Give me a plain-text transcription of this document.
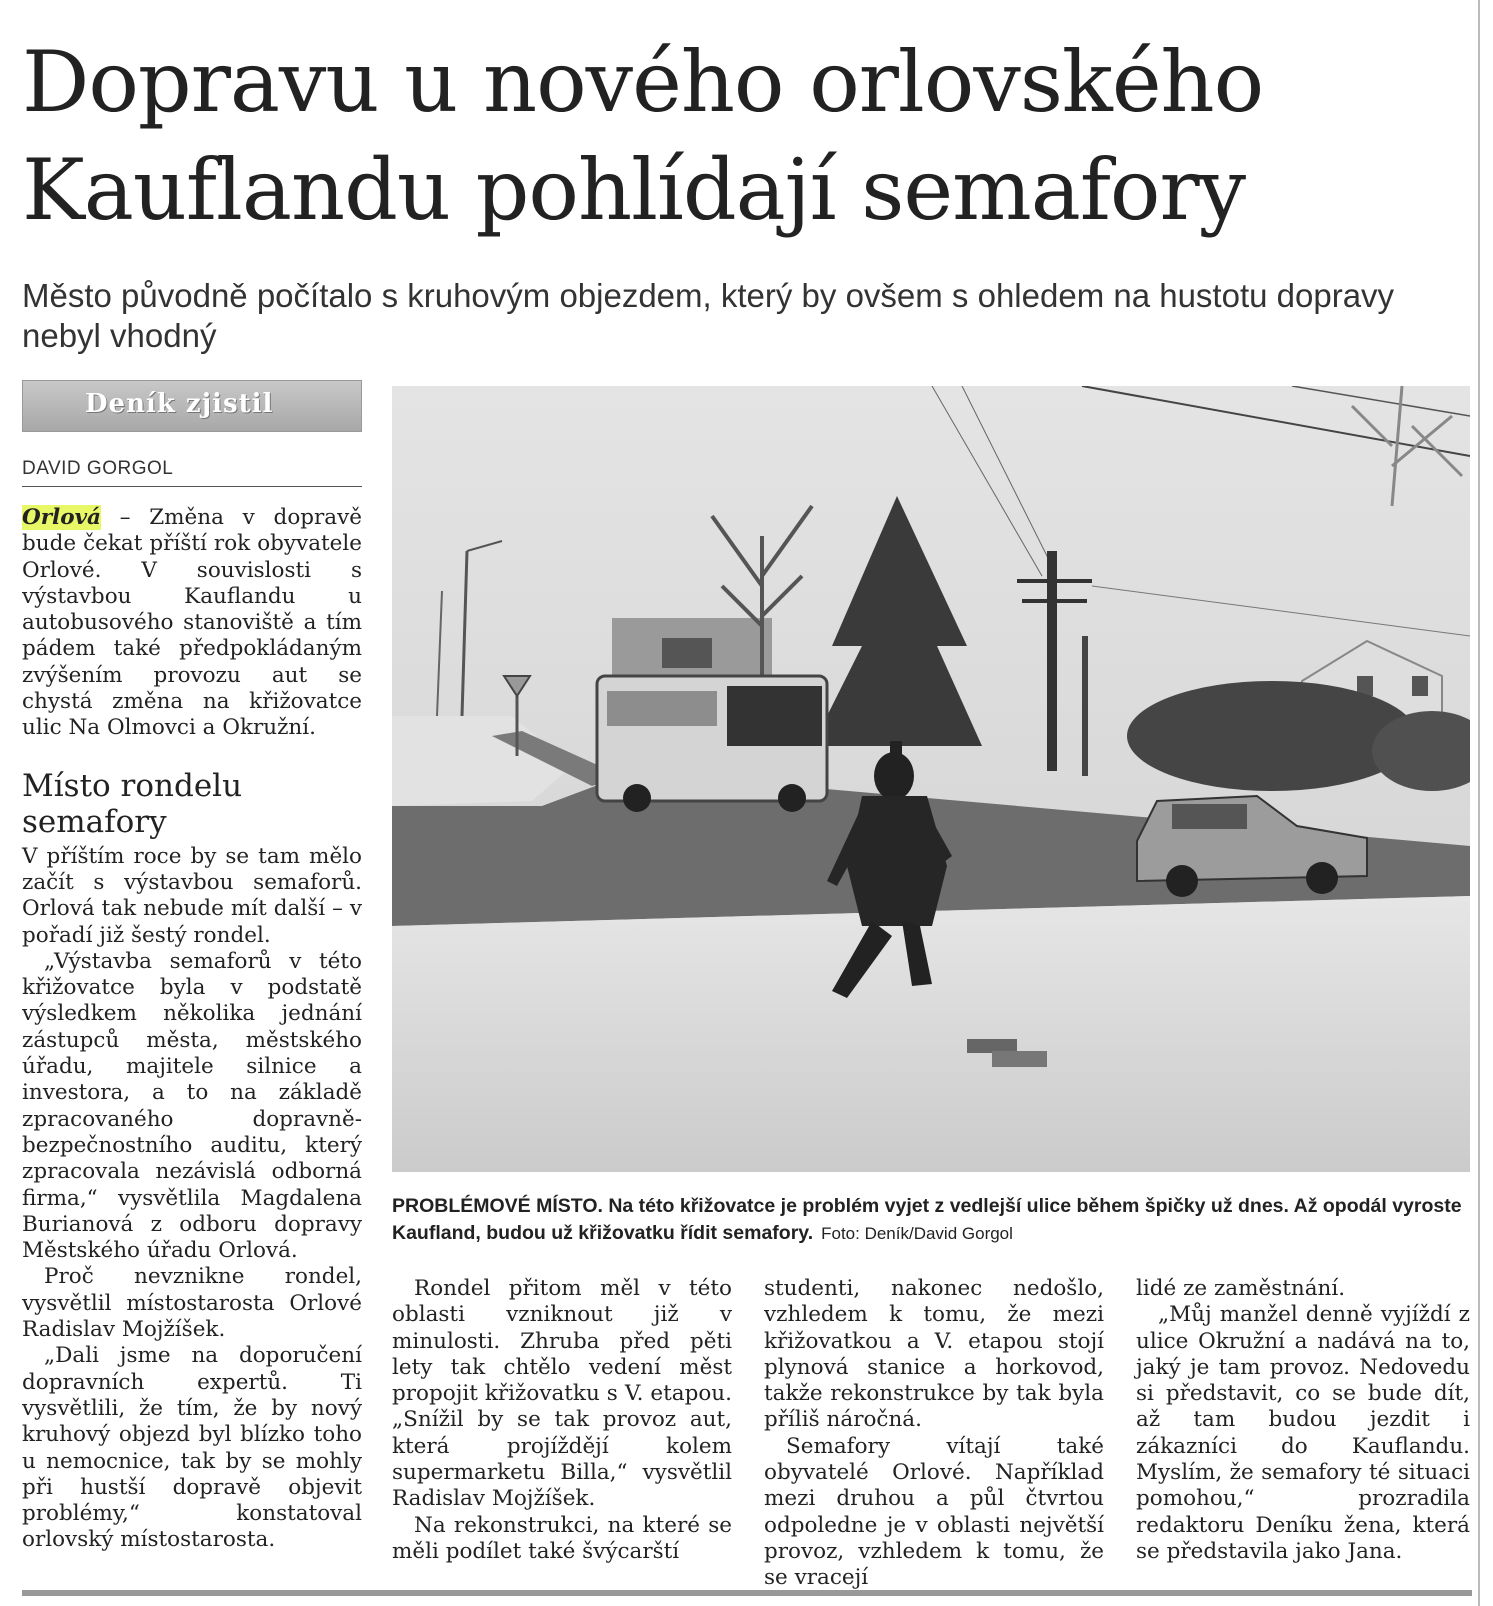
Dopravu u nového orlovského Kauflandu pohlídají semafory
Město původně počítalo s kruhovým objezdem, který by ovšem s ohledem na hustotu dopravy nebyl vhodný
Deník zjistil
DAVID GORGOL

Orlová – Změna v dopravě bude čekat příští rok obyvatele Orlové. V souvislosti s výstavbou Kauflandu u autobusového stanoviště a tím pádem také předpokládaným zvýšením provozu aut se chystá změna na křižovatce ulic Na Olmovci a Okružní.

Místo rondelu semafory

V příštím roce by se tam mělo začít s výstavbou semaforů. Orlová tak nebude mít další – v pořadí již šestý rondel.

„Výstavba semaforů v této křižovatce byla v podstatě výsledkem několika jednání zástupců města, městského úřadu, majitele silnice a investora, a to na základě zpracovaného dopravně-bezpečnostního auditu, který zpracovala nezávislá odborná firma,“ vysvětlila Magdalena Burianová z odboru dopravy Městského úřadu Orlová.

Proč nevznikne rondel, vysvětlil místostarosta Orlové Radislav Mojžíšek.

„Dali jsme na doporučení dopravních expertů. Ti vysvětlili, že tím, že by nový kruhový objezd byl blízko toho u nemocnice, tak by se mohly při hustší dopravě objevit problémy,“ konstatoval orlovský místostarosta.

PROBLÉMOVÉ MÍSTO. Na této křižovatce je problém vyjet z vedlejší ulice během špičky už dnes. Až opodál vyroste Kaufland, budou už křižovatku řídit semafory. Foto: Deník/David Gorgol

Rondel přitom měl v této oblasti vzniknout již v minulosti. Zhruba před pěti lety tak chtělo vedení měst propojit křižovatku s V. etapou. „Snížil by se tak provoz aut, která projíždějí kolem supermarketu Billa,“ vysvětlil Radislav Mojžíšek.

Na rekonstrukci, na které se měli podílet také švýcarští

studenti, nakonec nedošlo, vzhledem k tomu, že mezi křižovatkou a V. etapou stojí plynová stanice a horkovod, takže rekonstrukce by tak byla příliš náročná.

Semafory vítají také obyvatelé Orlové. Například mezi druhou a půl čtvrtou odpoledne je v oblasti největší provoz, vzhledem k tomu, že se vracejí

lidé ze zaměstnání.

„Můj manžel denně vyjíždí z ulice Okružní a nadává na to, jaký je tam provoz. Nedovedu si představit, co se bude dít, až tam budou jezdit i zákazníci do Kauflandu. Myslím, že semafory té situaci pomohou,“ prozradila redaktoru Deníku žena, která se představila jako Jana.
